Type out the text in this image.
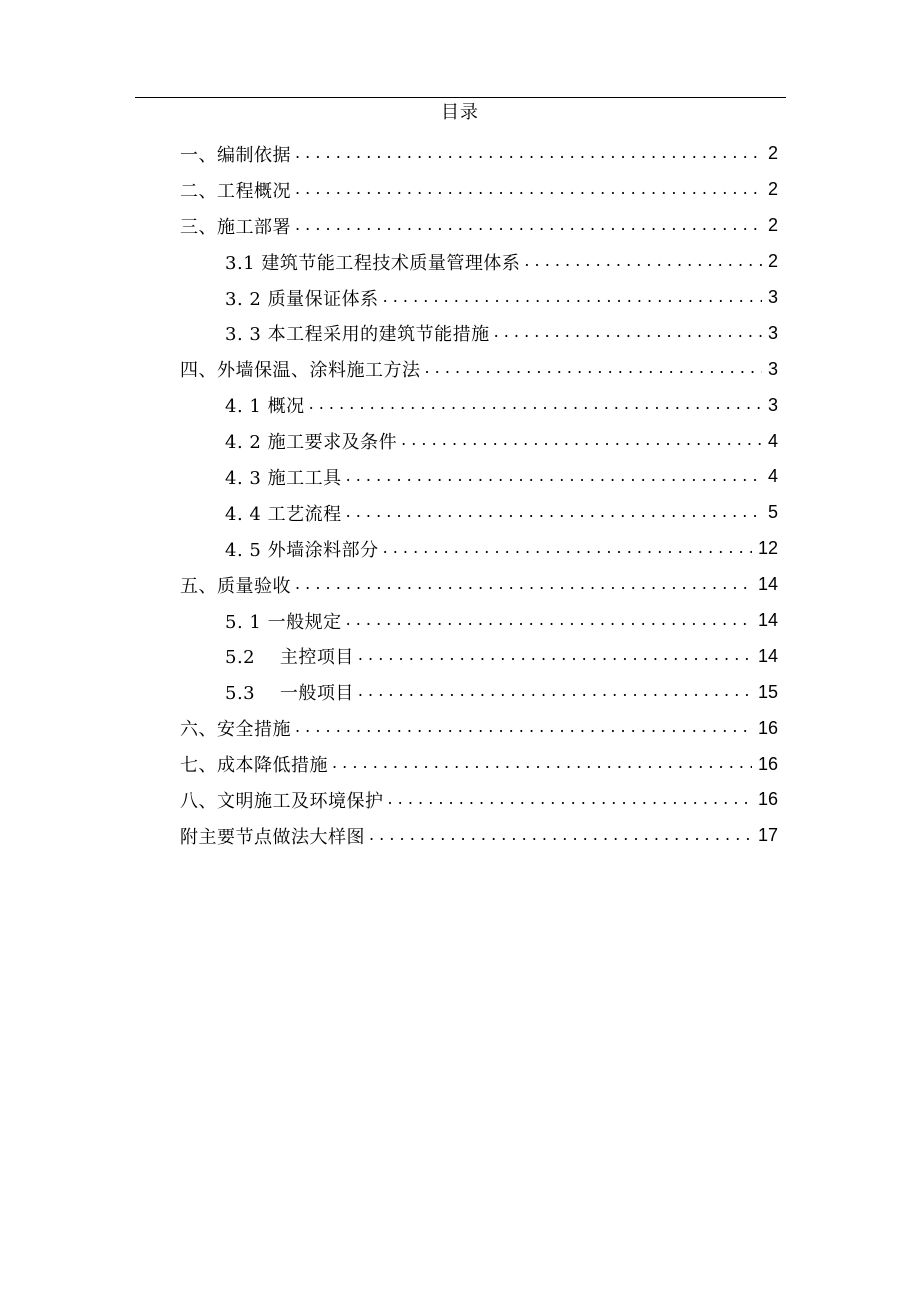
目录
一、编制依据 . . .	2
二、工程概况 . . .	2
三、施工部署 . . .	2
3.1 建筑节能工程技术质量管理体系 . . .	2
3. 2 质量保证体系 . . .	3
3. 3 本工程采用的建筑节能措施 . . .	3
四、外墙保温、涂料施工方法 . . .	3
4. 1 概况 . . .	3
4. 2 施工要求及条件 . . .	4
4. 3 施工工具 . . .	4
4. 4 工艺流程 . . .	5
4. 5 外墙涂料部分 . . .	12
五、质量验收 . . .	14
5. 1 一般规定 . . .	14
5.2　 主控项目 . . .	14
5.3　 一般项目 . . .	15
六、安全措施 . . .	16
七、成本降低措施 . . .	16
八、文明施工及环境保护 . . .	16
附主要节点做法大样图 . . .	17
